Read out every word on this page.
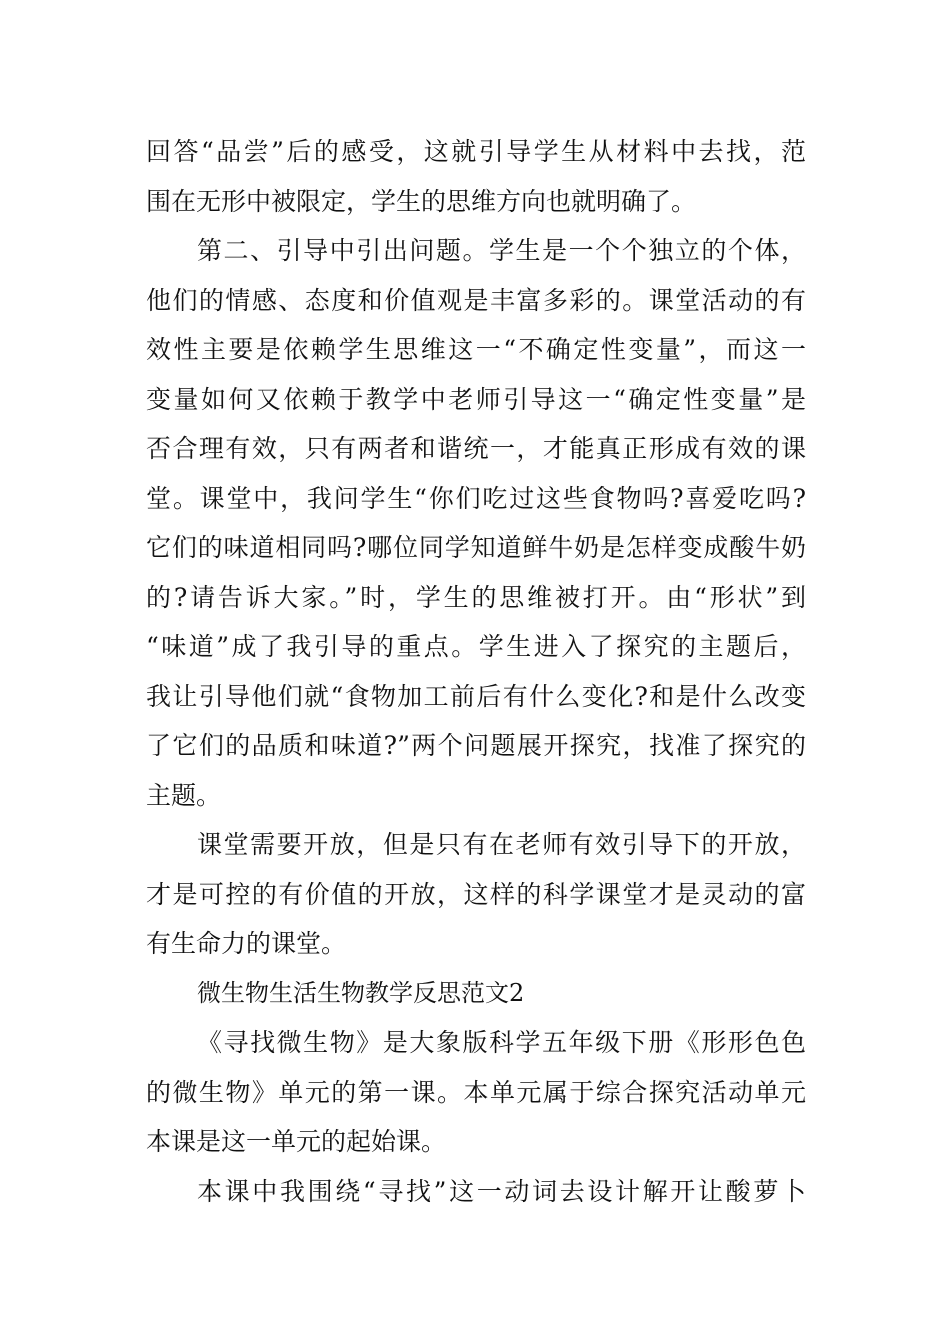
回答“品尝”后的感受，这就引导学生从材料中去找，范
围在无形中被限定，学生的思维方向也就明确了。
第二、引导中引出问题。学生是一个个独立的个体，
他们的情感、态度和价值观是丰富多彩的。课堂活动的有
效性主要是依赖学生思维这一“不确定性变量”，而这一
变量如何又依赖于教学中老师引导这一“确定性变量”是
否合理有效，只有两者和谐统一，才能真正形成有效的课
堂。课堂中，我问学生“你们吃过这些食物吗?喜爱吃吗?
它们的味道相同吗?哪位同学知道鲜牛奶是怎样变成酸牛奶
的?请告诉大家。”时，学生的思维被打开。由“形状”到
“味道”成了我引导的重点。学生进入了探究的主题后，
我让引导他们就“食物加工前后有什么变化?和是什么改变
了它们的品质和味道?”两个问题展开探究，找准了探究的
主题。
课堂需要开放，但是只有在老师有效引导下的开放，
才是可控的有价值的开放，这样的科学课堂才是灵动的富
有生命力的课堂。
微生物生活生物教学反思范文2
《寻找微生物》是大象版科学五年级下册《形形色色
的微生物》单元的第一课。本单元属于综合探究活动单元
本课是这一单元的起始课。
本课中我围绕“寻找”这一动词去设计解开让酸萝卜
